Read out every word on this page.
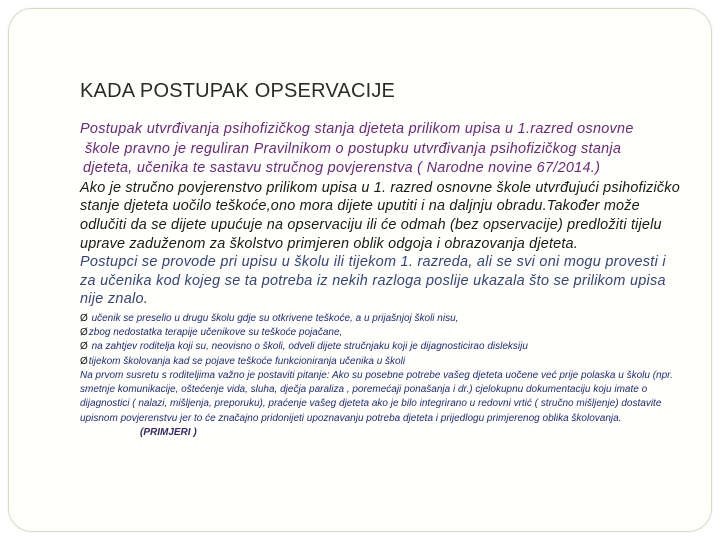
KADA POSTUPAK OPSERVACIJE

Postupak utvrđivanja psihofizičkog stanja djeteta prilikom upisa u 1.razred osnovne
škole pravno je reguliran Pravilnikom o postupku utvrđivanja psihofizičkog stanja
djeteta, učenika te sastavu stručnog povjerenstva ( Narodne novine 67/2014.)

Ako je stručno povjerenstvo prilikom upisa u 1. razred osnovne škole utvrđujući psihofizičko stanje djeteta uočilo teškoće,ono mora dijete uputiti i na daljnju obradu.Također može odlučiti da se dijete upućuje na opservaciju ili će odmah (bez opservacije) predložiti tijelu uprave zaduženom za školstvo primjeren oblik odgoja i obrazovanja djeteta.

Postupci se provode pri upisu u školu ili tijekom 1. razreda, ali se svi oni mogu provesti i za učenika kod kojeg se ta potreba iz nekih razloga poslije ukazala što se prilikom upisa nije znalo.

Ø učenik se preselio u drugu školu gdje su otkrivene teškoće, a u prijašnjoj školi nisu,
Øzbog nedostatka terapije učenikove su teškoće pojačane,
Ø na zahtjev roditelja koji su, neovisno o školi, odveli dijete stručnjaku koji je dijagnosticirao disleksiju
Øtijekom školovanja kad se pojave teškoće funkcioniranja učenika u školi

Na prvom susretu s roditeljima važno je postaviti pitanje: Ako su posebne potrebe vašeg djeteta uočene već prije polaska u školu (npr. smetnje komunikacije, oštećenje vida, sluha, dječja paraliza , poremećaji ponašanja i dr.) cjelokupnu dokumentaciju koju imate o dijagnostici ( nalazi, mišljenja, preporuku), praćenje vašeg djeteta ako je bilo integrirano u redovni vrtić ( stručno mišljenje) dostavite upisnom povjerenstvu jer to će značajno pridonijeti upoznavanju potreba djeteta i prijedlogu primjerenog oblika školovanja. (PRIMJERI )
